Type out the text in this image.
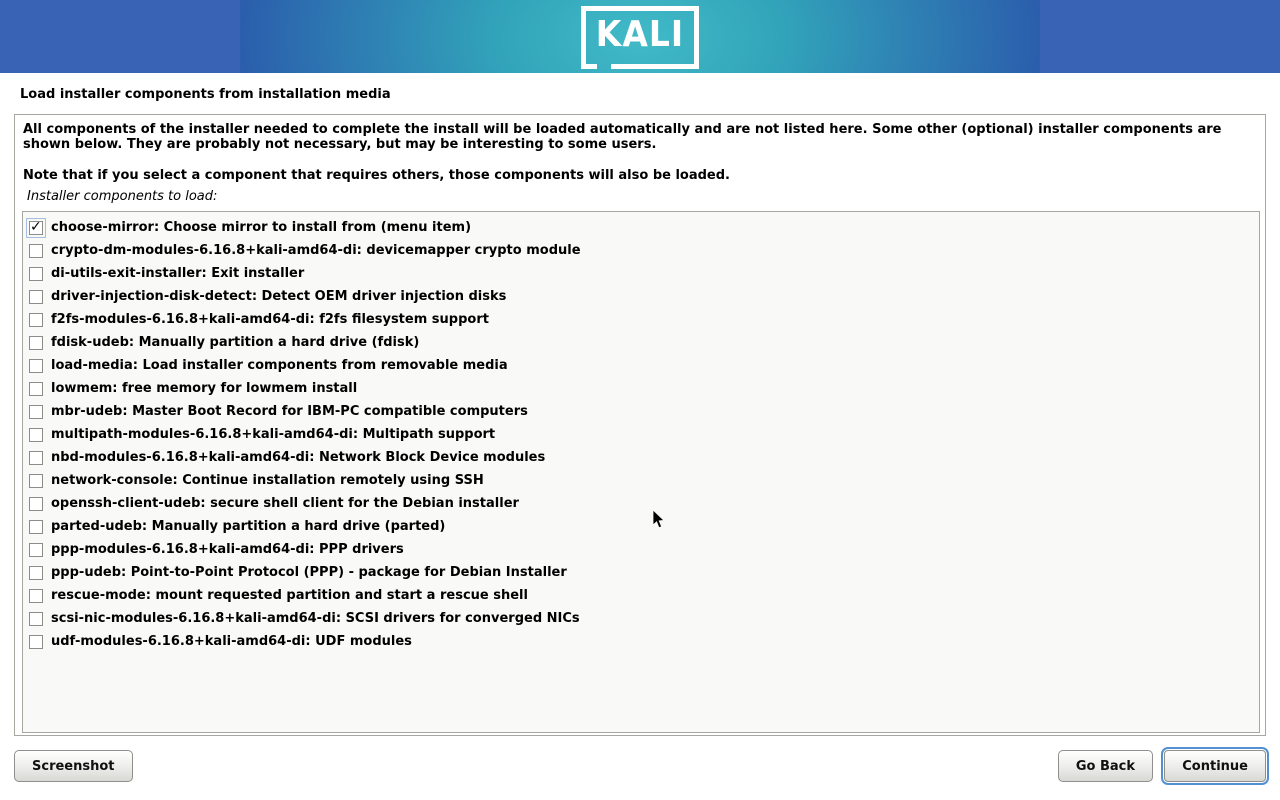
KALI
Load installer components from installation media

All components of the installer needed to complete the install will be loaded automatically and are not listed here. Some other (optional) installer components are shown below. They are probably not necessary, but may be interesting to some users.

Note that if you select a component that requires others, those components will also be loaded.

Installer components to load:
✓ choose-mirror: Choose mirror to install from (menu item)
crypto-dm-modules-6.16.8+kali-amd64-di: devicemapper crypto module
di-utils-exit-installer: Exit installer
driver-injection-disk-detect: Detect OEM driver injection disks
f2fs-modules-6.16.8+kali-amd64-di: f2fs filesystem support
fdisk-udeb: Manually partition a hard drive (fdisk)
load-media: Load installer components from removable media
lowmem: free memory for lowmem install
mbr-udeb: Master Boot Record for IBM-PC compatible computers
multipath-modules-6.16.8+kali-amd64-di: Multipath support
nbd-modules-6.16.8+kali-amd64-di: Network Block Device modules
network-console: Continue installation remotely using SSH
openssh-client-udeb: secure shell client for the Debian installer
parted-udeb: Manually partition a hard drive (parted)
ppp-modules-6.16.8+kali-amd64-di: PPP drivers
ppp-udeb: Point-to-Point Protocol (PPP) - package for Debian Installer
rescue-mode: mount requested partition and start a rescue shell
scsi-nic-modules-6.16.8+kali-amd64-di: SCSI drivers for converged NICs
udf-modules-6.16.8+kali-amd64-di: UDF modules
Screenshot	Go Back	Continue
